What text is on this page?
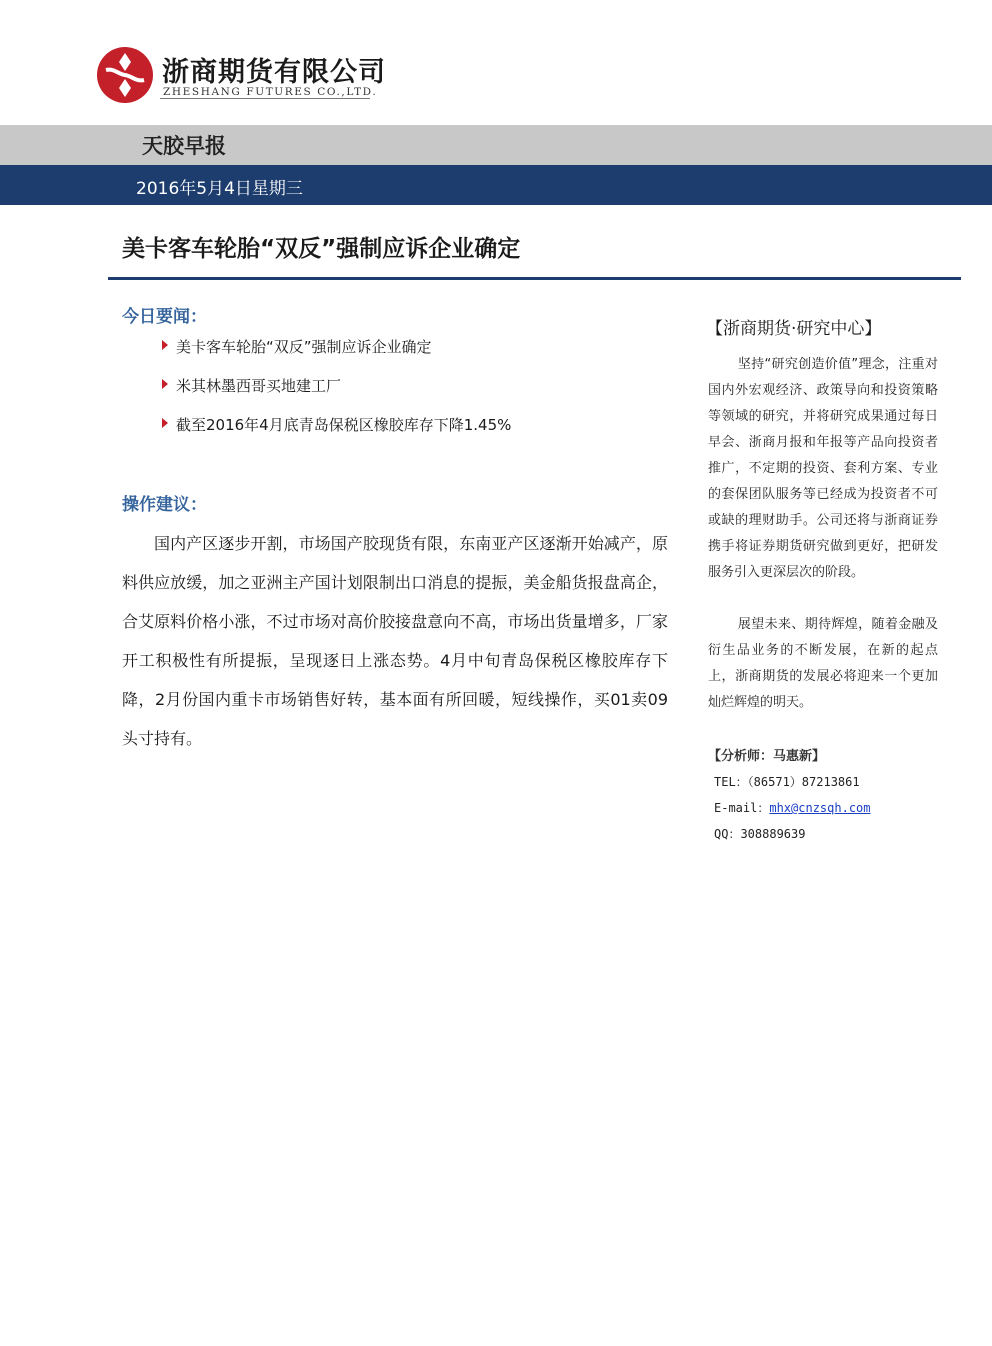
浙商期货有限公司
ZHESHANG FUTURES CO.,LTD.
天胶早报
2016年5月4日星期三
美卡客车轮胎“双反”强制应诉企业确定
今日要闻：
美卡客车轮胎“双反”强制应诉企业确定
米其林墨西哥买地建工厂
截至2016年4月底青岛保税区橡胶库存下降1.45%
操作建议：

国内产区逐步开割，市场国产胶现货有限，东南亚产区逐渐开始减产，原料供应放缓，加之亚洲主产国计划限制出口消息的提振，美金船货报盘高企，合艾原料价格小涨，不过市场对高价胶接盘意向不高，市场出货量增多，厂家开工积极性有所提振，呈现逐日上涨态势。4月中旬青岛保税区橡胶库存下降，2月份国内重卡市场销售好转，基本面有所回暖，短线操作，买01卖09头寸持有。

【浙商期货·研究中心】

坚持“研究创造价值”理念，注重对国内外宏观经济、政策导向和投资策略等领域的研究，并将研究成果通过每日早会、浙商月报和年报等产品向投资者推广，不定期的投资、套利方案、专业的套保团队服务等已经成为投资者不可或缺的理财助手。公司还将与浙商证券携手将证券期货研究做到更好，把研发服务引入更深层次的阶段。

展望未来、期待辉煌，随着金融及衍生品业务的不断发展，在新的起点上，浙商期货的发展必将迎来一个更加灿烂辉煌的明天。

【分析师：马惠新】
TEL：（86571）87213861
E-mail：mhx@cnzsqh.com
QQ：308889639
